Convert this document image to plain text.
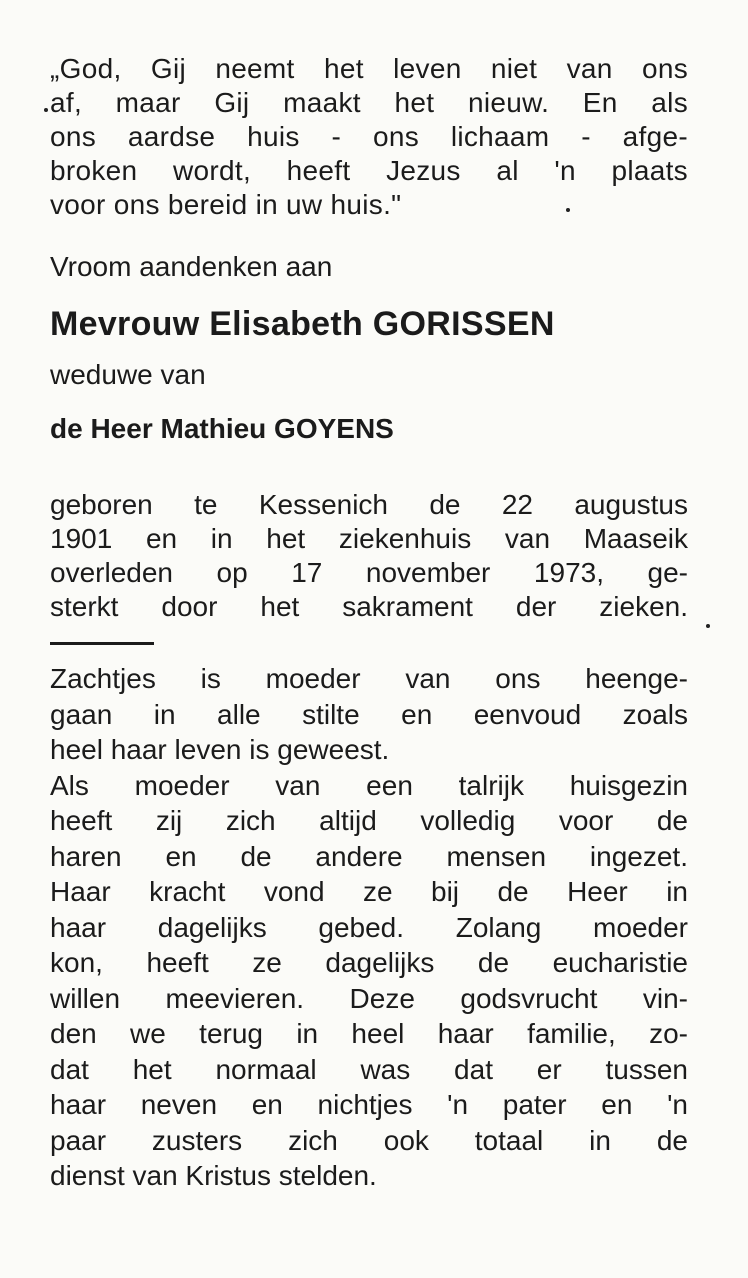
„God, Gij neemt het leven niet van ons
af, maar Gij maakt het nieuw. En als
ons aardse huis - ons lichaam - afge-
broken wordt, heeft Jezus al 'n plaats
voor ons bereid in uw huis."
Vroom aandenken aan
Mevrouw Elisabeth GORISSEN
weduwe van
de Heer Mathieu GOYENS
geboren te Kessenich de 22 augustus
1901 en in het ziekenhuis van Maaseik
overleden op 17 november 1973, ge-
sterkt door het sakrament der zieken.
Zachtjes is moeder van ons heenge-
gaan in alle stilte en eenvoud zoals
heel haar leven is geweest.
Als moeder van een talrijk huisgezin
heeft zij zich altijd volledig voor de
haren en de andere mensen ingezet.
Haar kracht vond ze bij de Heer in
haar dagelijks gebed. Zolang moeder
kon, heeft ze dagelijks de eucharistie
willen meevieren. Deze godsvrucht vin-
den we terug in heel haar familie, zo-
dat het normaal was dat er tussen
haar neven en nichtjes 'n pater en 'n
paar zusters zich ook totaal in de
dienst van Kristus stelden.
